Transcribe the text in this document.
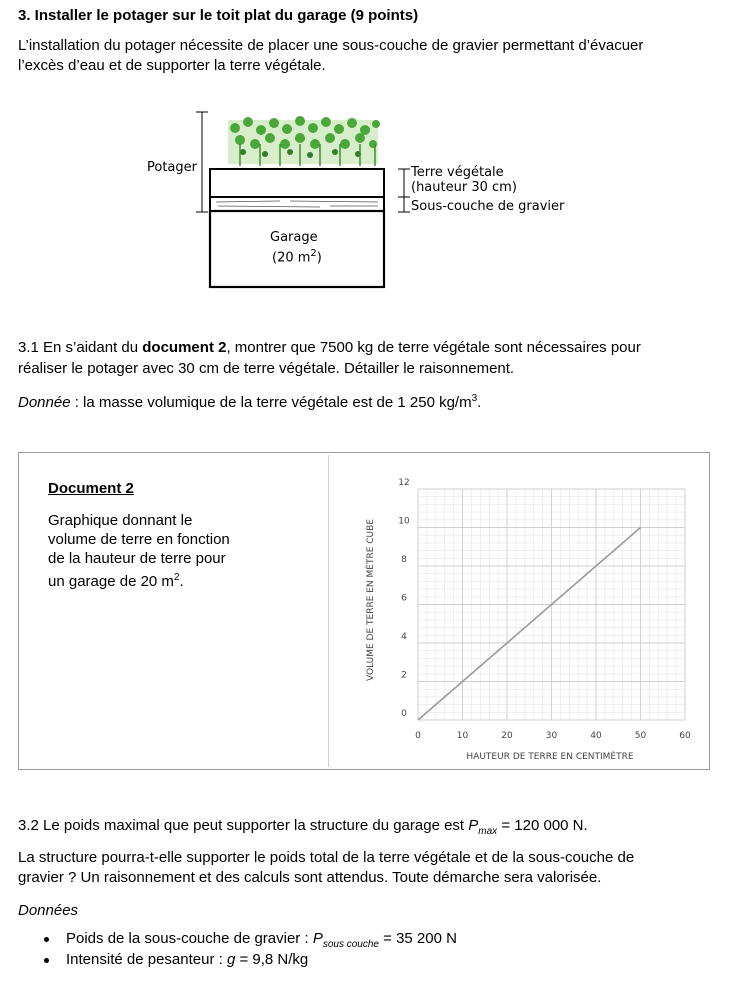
3. Installer le potager sur le toit plat du garage (9 points)
L’installation du potager nécessite de placer une sous-couche de gravier permettant d’évacuer
l’excès d’eau et de supporter la terre végétale.
Potager	Terre végétale
(hauteur 30 cm)
Sous-couche de gravier
Garage
(20 $m^2$)
3.1 En s’aidant du document 2, montrer que 7500 kg de terre végétale sont nécessaires pour
réaliser le potager avec 30 cm de terre végétale. Détailler le raisonnement.
Donnée : la masse volumique de la terre végétale est de 1 250 $kg/m^3$.
Document 2
Graphique donnant le
volume de terre en fonction
de la hauteur de terre pour
un garage de 20 $m^2$.
0	10	20	30	40	50	60
0
2
4
6
8
10
12
HAUTEUR DE TERRE EN CENTIMÈTRE
VOLUME DE TERRE EN MÈTRE CUBE
3.2 Le poids maximal que peut supporter la structure du garage est $P_{max} = 120$ 000 N.
La structure pourra-t-elle supporter le poids total de la terre végétale et de la sous-couche de
gravier ? Un raisonnement et des calculs sont attendus. Toute démarche sera valorisée.
Données
Poids de la sous-couche de gravier : $P_{sous couche} = 35$ 200 N
Intensité de pesanteur : g = 9,8 N/kg
